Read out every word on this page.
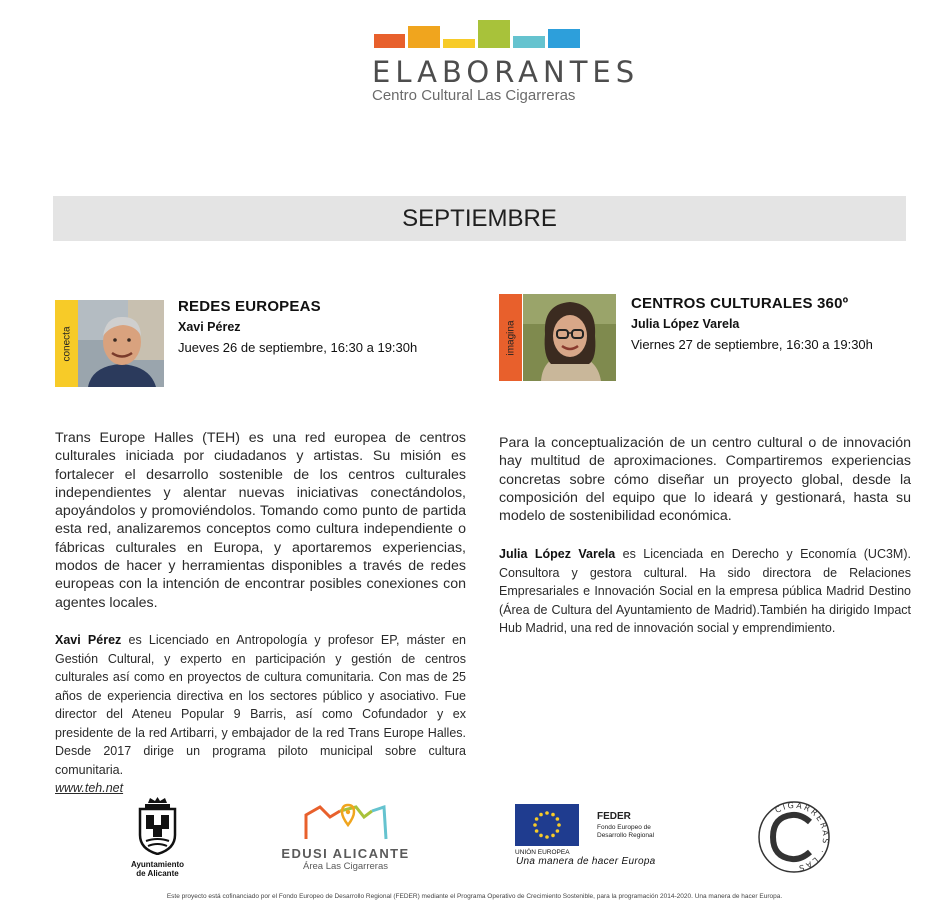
ELABORANTES
Centro Cultural Las Cigarreras
SEPTIEMBRE
conecta
REDES EUROPEAS
Xavi Pérez
Jueves 26 de septiembre, 16:30 a 19:30h	imagina
CENTROS CULTURALES 360º
Julia López Varela
Viernes 27 de septiembre, 16:30 a 19:30h
Trans Europe Halles (TEH) es una red europea de centros culturales iniciada por ciudadanos y artistas. Su misión es fortalecer el desarrollo sostenible de los centros culturales independientes y alentar nuevas iniciativas conectándolos, apoyándolos y promoviéndolos. Tomando como punto de partida esta red, analizaremos conceptos como cultura independiente o fábricas culturales en Europa, y aportaremos experiencias, modos de hacer y herramientas disponibles a través de redes europeas con la intención de encontrar posibles conexiones con agentes locales.
Xavi Pérez es Licenciado en Antropología y profesor EP, máster en Gestión Cultural, y experto en participación y gestión de centros culturales así como en proyectos de cultura comunitaria. Con mas de 25 años de experiencia directiva en los sectores público y asociativo. Fue director del Ateneu Popular 9 Barris, así como Cofundador y ex presidente de la red Artibarri, y embajador de la red Trans Europe Halles. Desde 2017 dirige un programa piloto municipal sobre cultura comunitaria.
www.teh.net
Para la conceptualización de un centro cultural o de innovación hay multitud de aproximaciones. Compartiremos experiencias concretas sobre cómo diseñar un proyecto global, desde la composición del equipo que lo ideará y gestionará, hasta su modelo de sostenibilidad económica.
Julia López Varela es Licenciada en Derecho y Economía (UC3M). Consultora y gestora cultural. Ha sido directora de Relaciones Empresariales e Innovación Social en la empresa pública Madrid Destino (Área de Cultura del Ayuntamiento de Madrid).También ha dirigido Impact Hub Madrid, una red de innovación social y emprendimiento.
Ayuntamiento
de Alicante
EDUSI ALICANTE
Área Las Cigarreras
UNIÓN EUROPEA
FEDER
Fondo Europeo de
Desarrollo Regional
Una manera de hacer Europa
CIGARRERAS · LAS
Este proyecto está cofinanciado por el Fondo Europeo de Desarrollo Regional (FEDER) mediante el Programa Operativo de Crecimiento Sostenible, para la programación 2014-2020. Una manera de hacer Europa.
